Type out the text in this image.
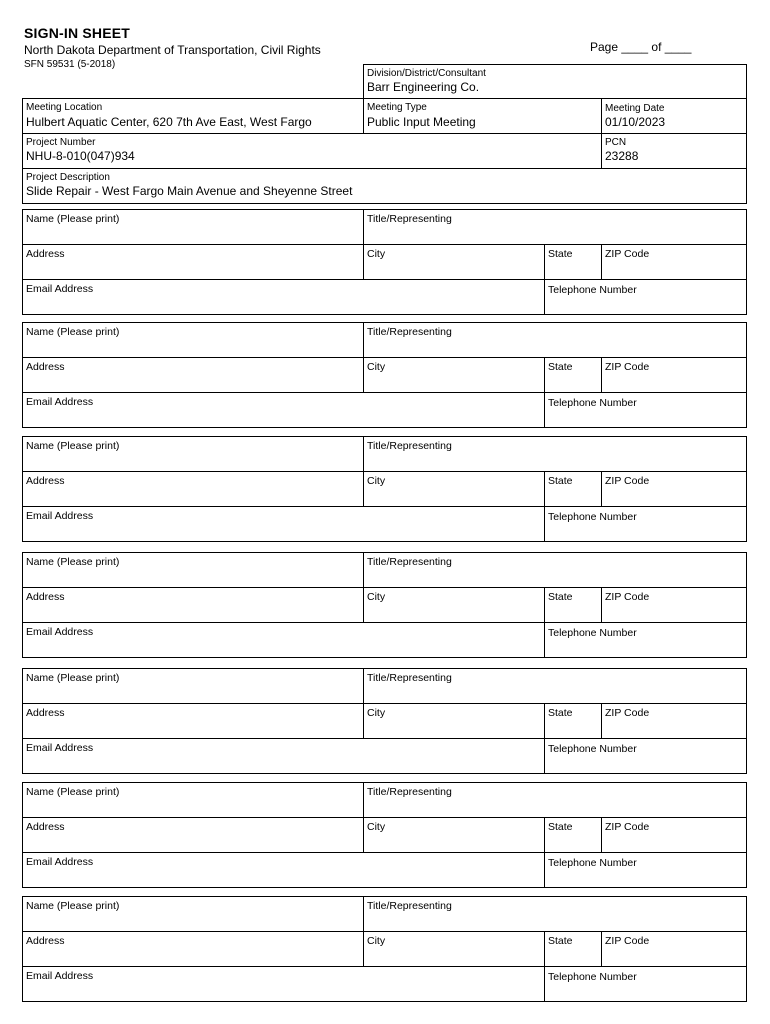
SIGN-IN SHEET
North Dakota Department of Transportation, Civil Rights
SFN 59531 (5-2018)
Page ____ of ____
Division/District/Consultant
Barr Engineering Co.
Meeting Location
Hulbert Aquatic Center, 620 7th Ave East, West Fargo
Meeting Type
Public Input Meeting
Meeting Date
01/10/2023
Project Number
NHU-8-010(047)934
PCN
23288
Project Description
Slide Repair - West Fargo Main Avenue and Sheyenne Street
Name (Please print)	Title/Representing
Address	City	State	ZIP Code
Email Address	Telephone Number
Name (Please print)	Title/Representing
Address	City	State	ZIP Code
Email Address	Telephone Number
Name (Please print)	Title/Representing
Address	City	State	ZIP Code
Email Address	Telephone Number
Name (Please print)	Title/Representing
Address	City	State	ZIP Code
Email Address	Telephone Number
Name (Please print)	Title/Representing
Address	City	State	ZIP Code
Email Address	Telephone Number
Name (Please print)	Title/Representing
Address	City	State	ZIP Code
Email Address	Telephone Number
Name (Please print)	Title/Representing
Address	City	State	ZIP Code
Email Address	Telephone Number
